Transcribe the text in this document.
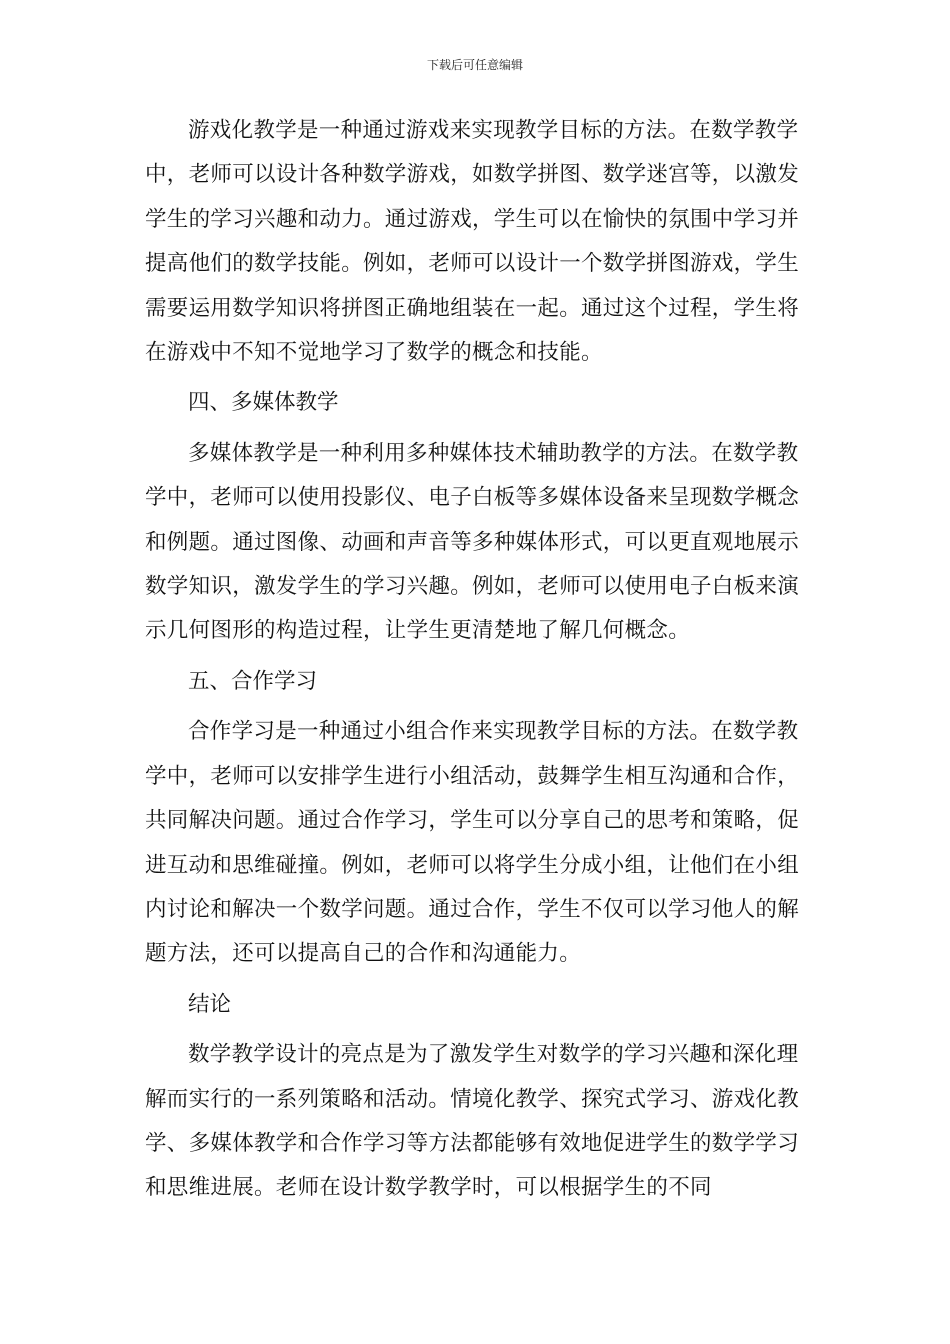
下载后可任意编辑

游戏化教学是一种通过游戏来实现教学目标的方法。在数学教学中，老师可以设计各种数学游戏，如数学拼图、数学迷宫等，以激发学生的学习兴趣和动力。通过游戏，学生可以在愉快的氛围中学习并提高他们的数学技能。例如，老师可以设计一个数学拼图游戏，学生需要运用数学知识将拼图正确地组装在一起。通过这个过程，学生将在游戏中不知不觉地学习了数学的概念和技能。

四、多媒体教学

多媒体教学是一种利用多种媒体技术辅助教学的方法。在数学教学中，老师可以使用投影仪、电子白板等多媒体设备来呈现数学概念和例题。通过图像、动画和声音等多种媒体形式，可以更直观地展示数学知识，激发学生的学习兴趣。例如，老师可以使用电子白板来演示几何图形的构造过程，让学生更清楚地了解几何概念。

五、合作学习

合作学习是一种通过小组合作来实现教学目标的方法。在数学教学中，老师可以安排学生进行小组活动，鼓舞学生相互沟通和合作，共同解决问题。通过合作学习，学生可以分享自己的思考和策略，促进互动和思维碰撞。例如，老师可以将学生分成小组，让他们在小组内讨论和解决一个数学问题。通过合作，学生不仅可以学习他人的解题方法，还可以提高自己的合作和沟通能力。

结论

数学教学设计的亮点是为了激发学生对数学的学习兴趣和深化理解而实行的一系列策略和活动。情境化教学、探究式学习、游戏化教学、多媒体教学和合作学习等方法都能够有效地促进学生的数学学习和思维进展。老师在设计数学教学时，可以根据学生的不同
